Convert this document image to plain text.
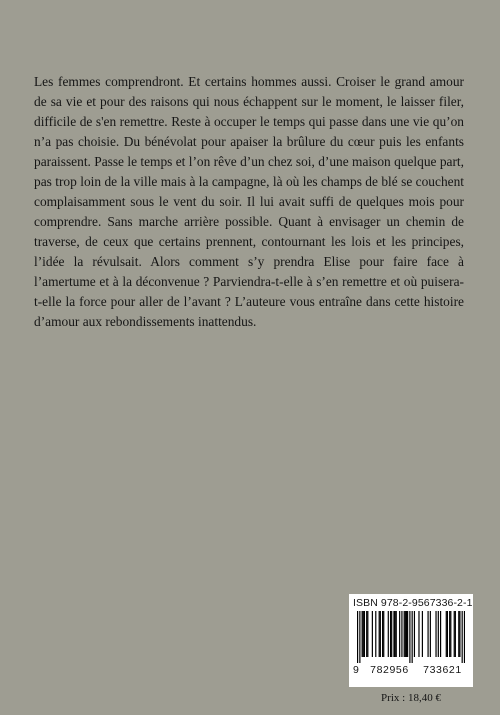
Les femmes comprendront. Et certains hommes aussi. Croiser le grand amour de sa vie et pour des raisons qui nous échappent sur le moment, le laisser filer, difficile de s'en remettre. Reste à occuper le temps qui passe dans une vie qu’on n’a pas choisie. Du bénévolat pour apaiser la brûlure du cœur puis les enfants paraissent. Passe le temps et l’on rêve d’un chez soi, d’une maison quelque part, pas trop loin de la ville mais à la campagne, là où les champs de blé se couchent complaisamment sous le vent du soir. Il lui avait suffi de quelques mois pour comprendre. Sans marche arrière possible. Quant à envisager un chemin de traverse, de ceux que certains prennent, contournant les lois et les principes, l’idée la révulsait. Alors comment s’y prendra Elise pour faire face à l’amertume et à la déconvenue ? Parviendra-t-elle à s’en remettre et où puisera-t-elle la force pour aller de l’avant ? L’auteure vous entraîne dans cette histoire d’amour aux rebondissements inattendus.

ISBN 978-2-9567336-2-1
9	782956	733621
Prix : 18,40 €
